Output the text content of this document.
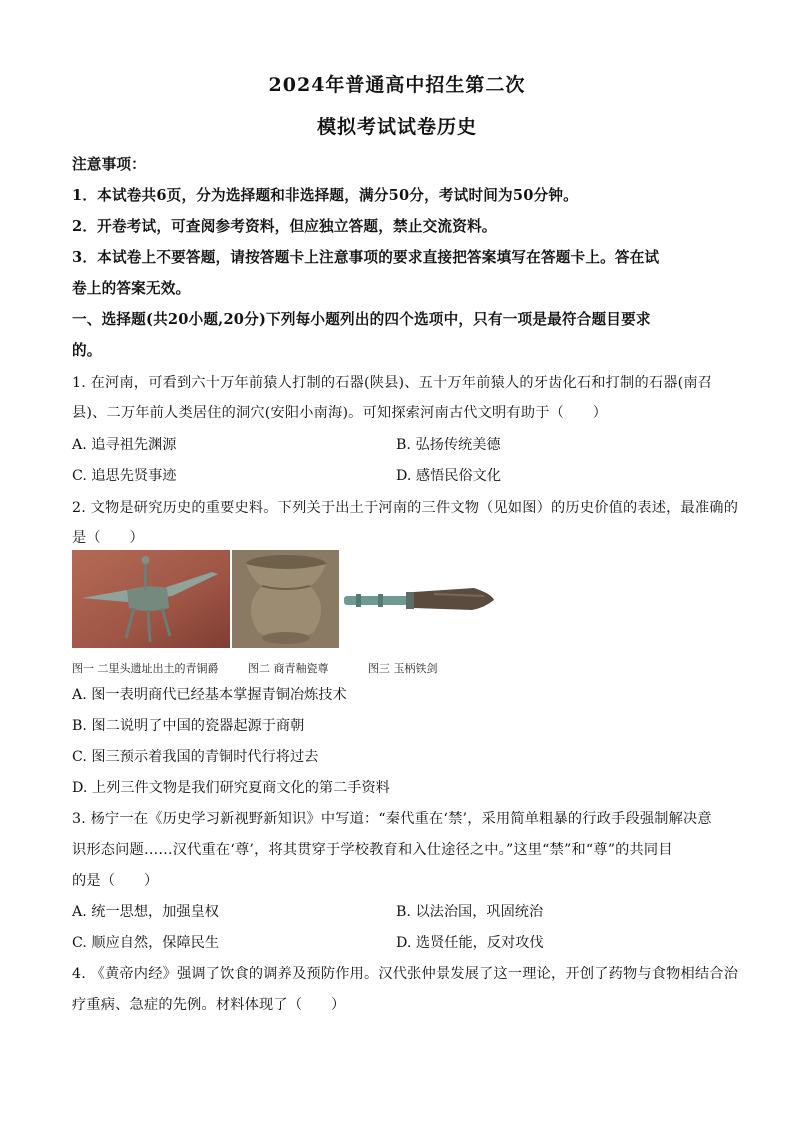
2024年普通高中招生第二次
模拟考试试卷历史
注意事项：
1．本试卷共6页，分为选择题和非选择题，满分50分，考试时间为50分钟。
2．开卷考试，可查阅参考资料，但应独立答题，禁止交流资料。
3．本试卷上不要答题，请按答题卡上注意事项的要求直接把答案填写在答题卡上。答在试
卷上的答案无效。
一、选择题(共20小题,20分)下列每小题列出的四个选项中，只有一项是最符合题目要求
的。
1. 在河南，可看到六十万年前猿人打制的石器(陕县)、五十万年前猿人的牙齿化石和打制的石器(南召
县)、二万年前人类居住的洞穴(安阳小南海)。可知探索河南古代文明有助于（　　）
A. 追寻祖先渊源	B. 弘扬传统美德
C. 追思先贤事迹	D. 感悟民俗文化
2. 文物是研究历史的重要史料。下列关于出土于河南的三件文物（见如图）的历史价值的表述，最准确的
是（　　）
图一 二里头遗址出土的青铜爵	图二 商青釉瓷尊	图三 玉柄铁剑
A. 图一表明商代已经基本掌握青铜冶炼技术
B. 图二说明了中国的瓷器起源于商朝
C. 图三预示着我国的青铜时代行将过去
D. 上列三件文物是我们研究夏商文化的第二手资料
3. 杨宁一在《历史学习新视野新知识》中写道：“秦代重在‘禁’，采用简单粗暴的行政手段强制解决意
识形态问题……汉代重在‘尊’，将其贯穿于学校教育和入仕途径之中。”这里“禁”和“尊”的共同目
的是（　　）
A. 统一思想，加强皇权	B. 以法治国，巩固统治
C. 顺应自然，保障民生	D. 选贤任能，反对攻伐
4. 《黄帝内经》强调了饮食的调养及预防作用。汉代张仲景发展了这一理论，开创了药物与食物相结合治
疗重病、急症的先例。材料体现了（　　）
